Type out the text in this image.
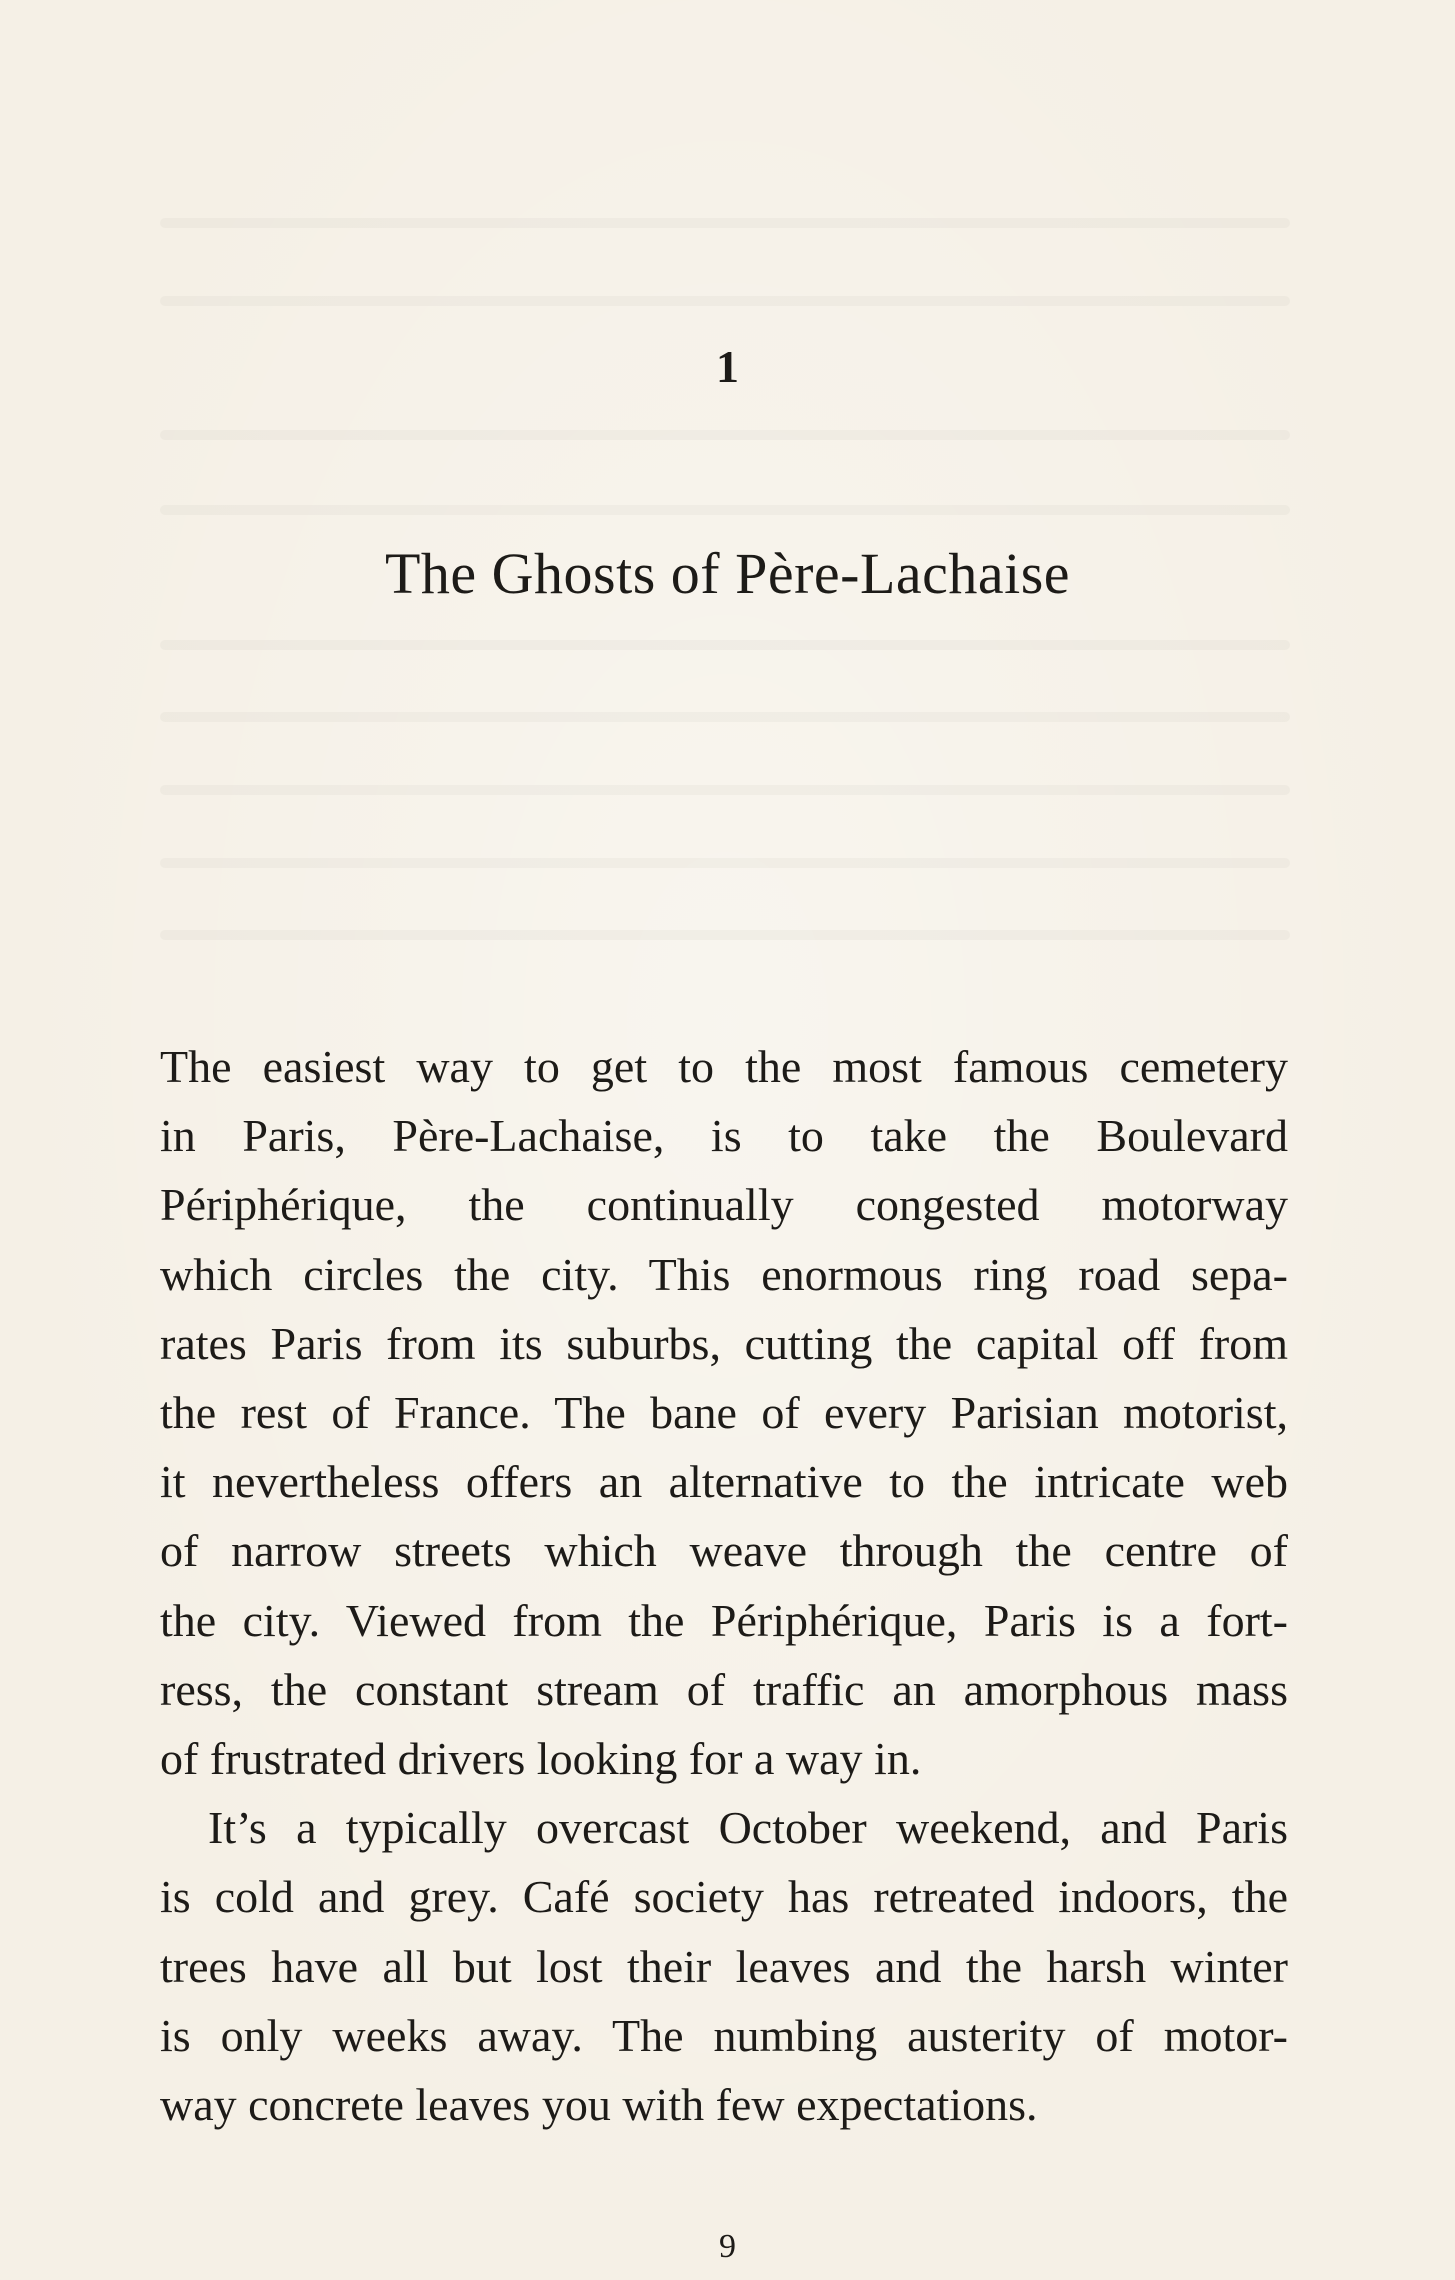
1
The Ghosts of Père-Lachaise
The easiest way to get to the most famous cemetery
in Paris, Père-Lachaise, is to take the Boulevard
Périphérique, the continually congested motorway
which circles the city. This enormous ring road sepa-
rates Paris from its suburbs, cutting the capital off from
the rest of France. The bane of every Parisian motorist,
it nevertheless offers an alternative to the intricate web
of narrow streets which weave through the centre of
the city. Viewed from the Périphérique, Paris is a fort-
ress, the constant stream of traffic an amorphous mass
of frustrated drivers looking for a way in.
It’s a typically overcast October weekend, and Paris
is cold and grey. Café society has retreated indoors, the
trees have all but lost their leaves and the harsh winter
is only weeks away. The numbing austerity of motor-
way concrete leaves you with few expectations.
9
